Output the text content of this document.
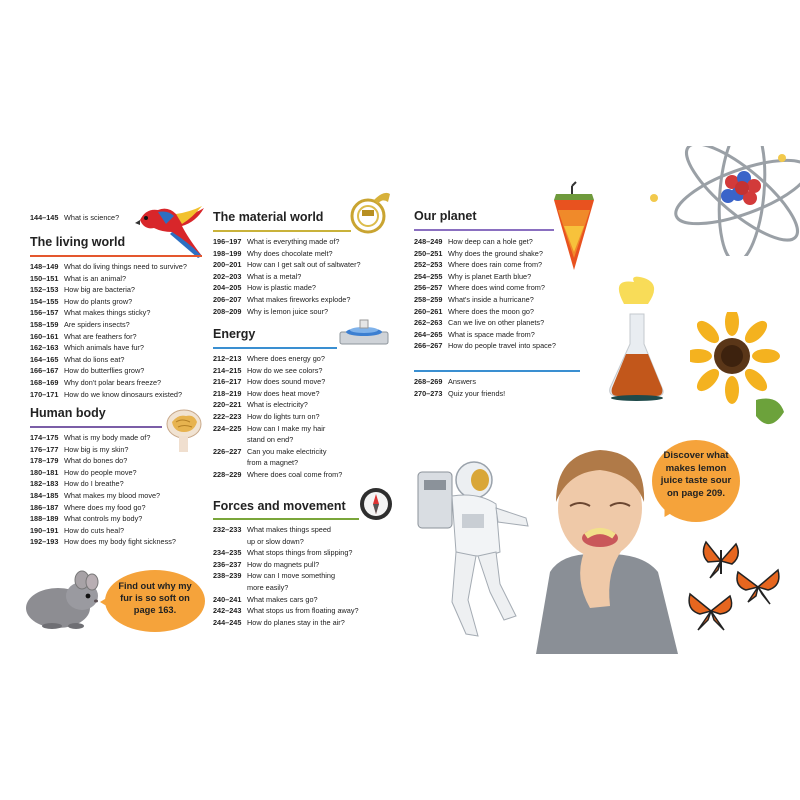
144–145 What is science?
The living world
148–149 What do living things need to survive?
150–151 What is an animal?
152–153 How big are bacteria?
154–155 How do plants grow?
156–157 What makes things sticky?
158–159 Are spiders insects?
160–161 What are feathers for?
162–163 Which animals have fur?
164–165 What do lions eat?
166–167 How do butterflies grow?
168–169 Why don't polar bears freeze?
170–171 How do we know dinosaurs existed?
Human body
174–175 What is my body made of?
176–177 How big is my skin?
178–179 What do bones do?
180–181 How do people move?
182–183 How do I breathe?
184–185 What makes my blood move?
186–187 Where does my food go?
188–189 What controls my body?
190–191 How do cuts heal?
192–193 How does my body fight sickness?
Find out why my fur is so soft on page 163.
The material world
196–197 What is everything made of?
198–199 Why does chocolate melt?
200–201 How can I get salt out of saltwater?
202–203 What is a metal?
204–205 How is plastic made?
206–207 What makes fireworks explode?
208–209 Why is lemon juice sour?
Energy
212–213 Where does energy go?
214–215 How do we see colors?
216–217 How does sound move?
218–219 How does heat move?
220–221 What is electricity?
222–223 How do lights turn on?
224–225 How can I make my hair
stand on end?
226–227 Can you make electricity
from a magnet?
228–229 Where does coal come from?
Forces and movement
232–233 What makes things speed
up or slow down?
234–235 What stops things from slipping?
236–237 How do magnets pull?
238–239 How can I move something
more easily?
240–241 What makes cars go?
242–243 What stops us from floating away?
244–245 How do planes stay in the air?
Our planet
248–249 How deep can a hole get?
250–251 Why does the ground shake?
252–253 Where does rain come from?
254–255 Why is planet Earth blue?
256–257 Where does wind come from?
258–259 What's inside a hurricane?
260–261 Where does the moon go?
262–263 Can we live on other planets?
264–265 What is space made from?
266–267 How do people travel into space?
268–269 Answers
270–273 Quiz your friends!
Discover what makes lemon juice taste sour on page 209.
